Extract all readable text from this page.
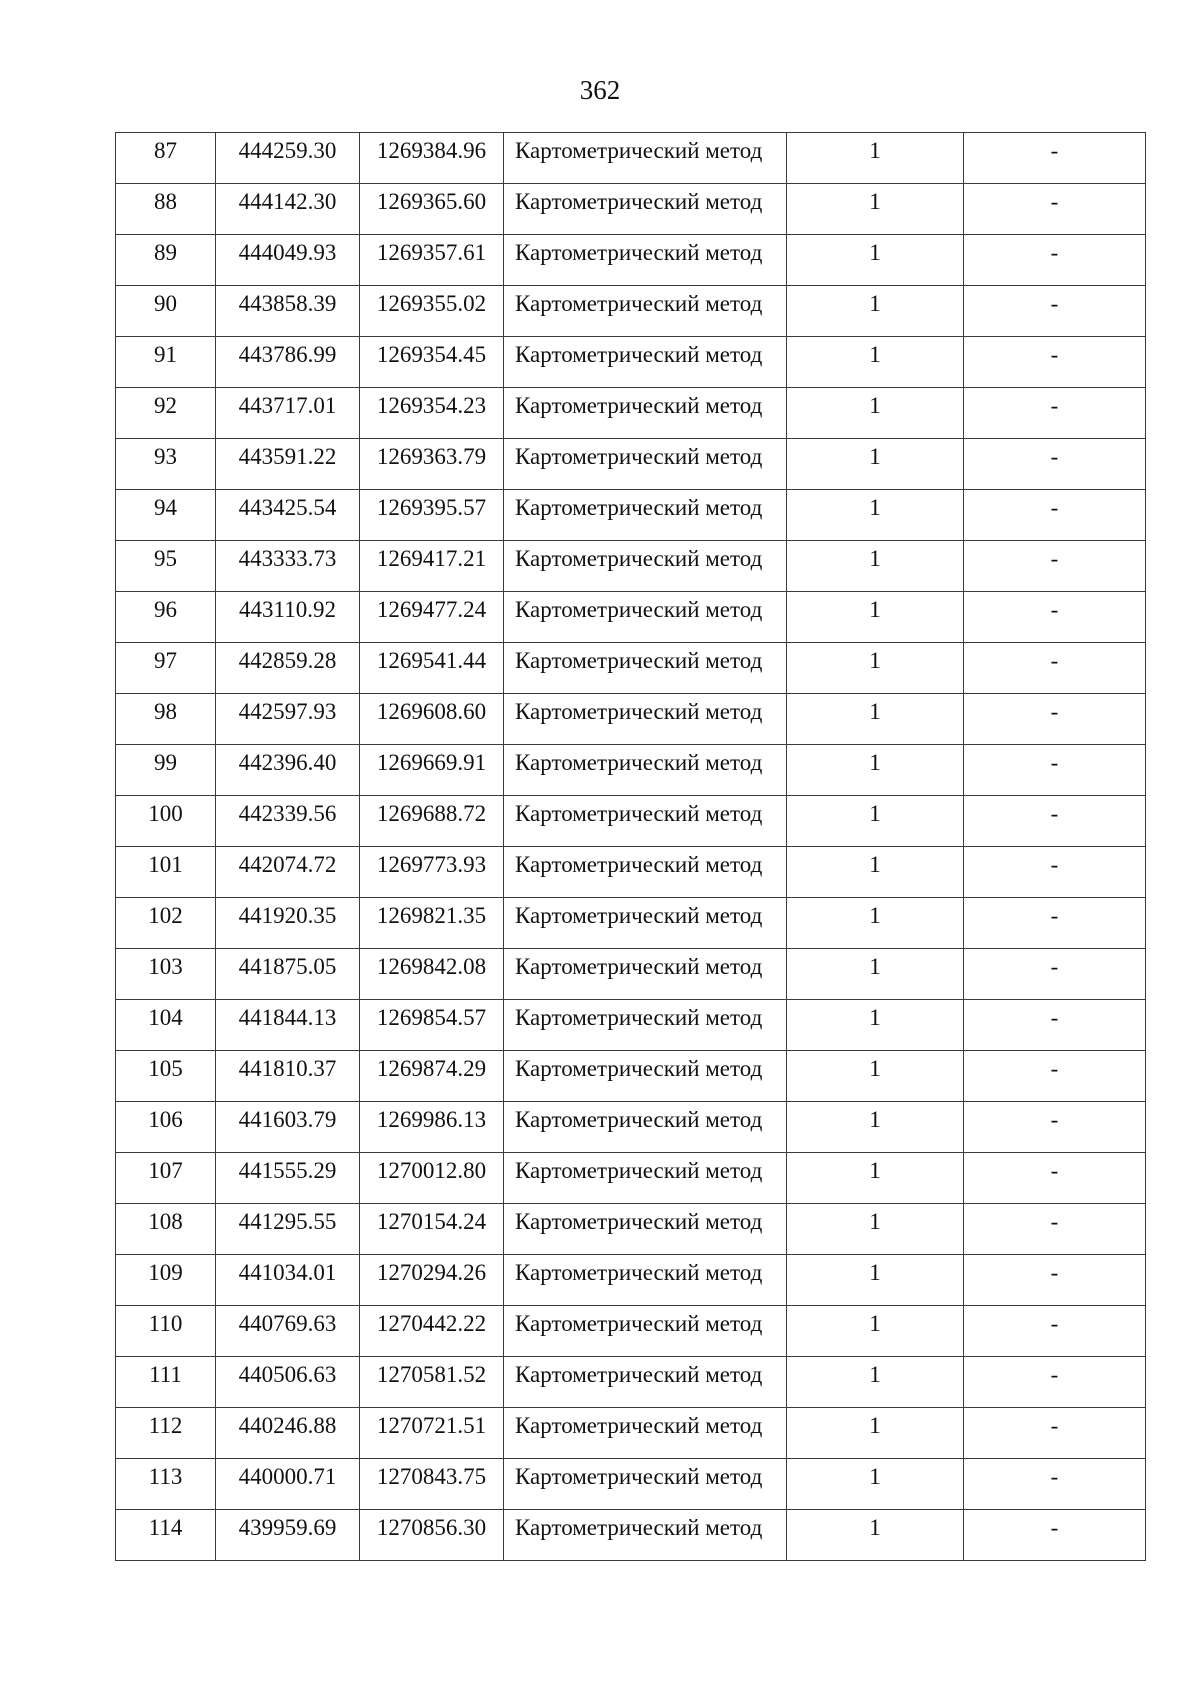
362
87	444259.30	1269384.96	Картометрический метод	1	-
88	444142.30	1269365.60	Картометрический метод	1	-
89	444049.93	1269357.61	Картометрический метод	1	-
90	443858.39	1269355.02	Картометрический метод	1	-
91	443786.99	1269354.45	Картометрический метод	1	-
92	443717.01	1269354.23	Картометрический метод	1	-
93	443591.22	1269363.79	Картометрический метод	1	-
94	443425.54	1269395.57	Картометрический метод	1	-
95	443333.73	1269417.21	Картометрический метод	1	-
96	443110.92	1269477.24	Картометрический метод	1	-
97	442859.28	1269541.44	Картометрический метод	1	-
98	442597.93	1269608.60	Картометрический метод	1	-
99	442396.40	1269669.91	Картометрический метод	1	-
100	442339.56	1269688.72	Картометрический метод	1	-
101	442074.72	1269773.93	Картометрический метод	1	-
102	441920.35	1269821.35	Картометрический метод	1	-
103	441875.05	1269842.08	Картометрический метод	1	-
104	441844.13	1269854.57	Картометрический метод	1	-
105	441810.37	1269874.29	Картометрический метод	1	-
106	441603.79	1269986.13	Картометрический метод	1	-
107	441555.29	1270012.80	Картометрический метод	1	-
108	441295.55	1270154.24	Картометрический метод	1	-
109	441034.01	1270294.26	Картометрический метод	1	-
110	440769.63	1270442.22	Картометрический метод	1	-
111	440506.63	1270581.52	Картометрический метод	1	-
112	440246.88	1270721.51	Картометрический метод	1	-
113	440000.71	1270843.75	Картометрический метод	1	-
114	439959.69	1270856.30	Картометрический метод	1	-
